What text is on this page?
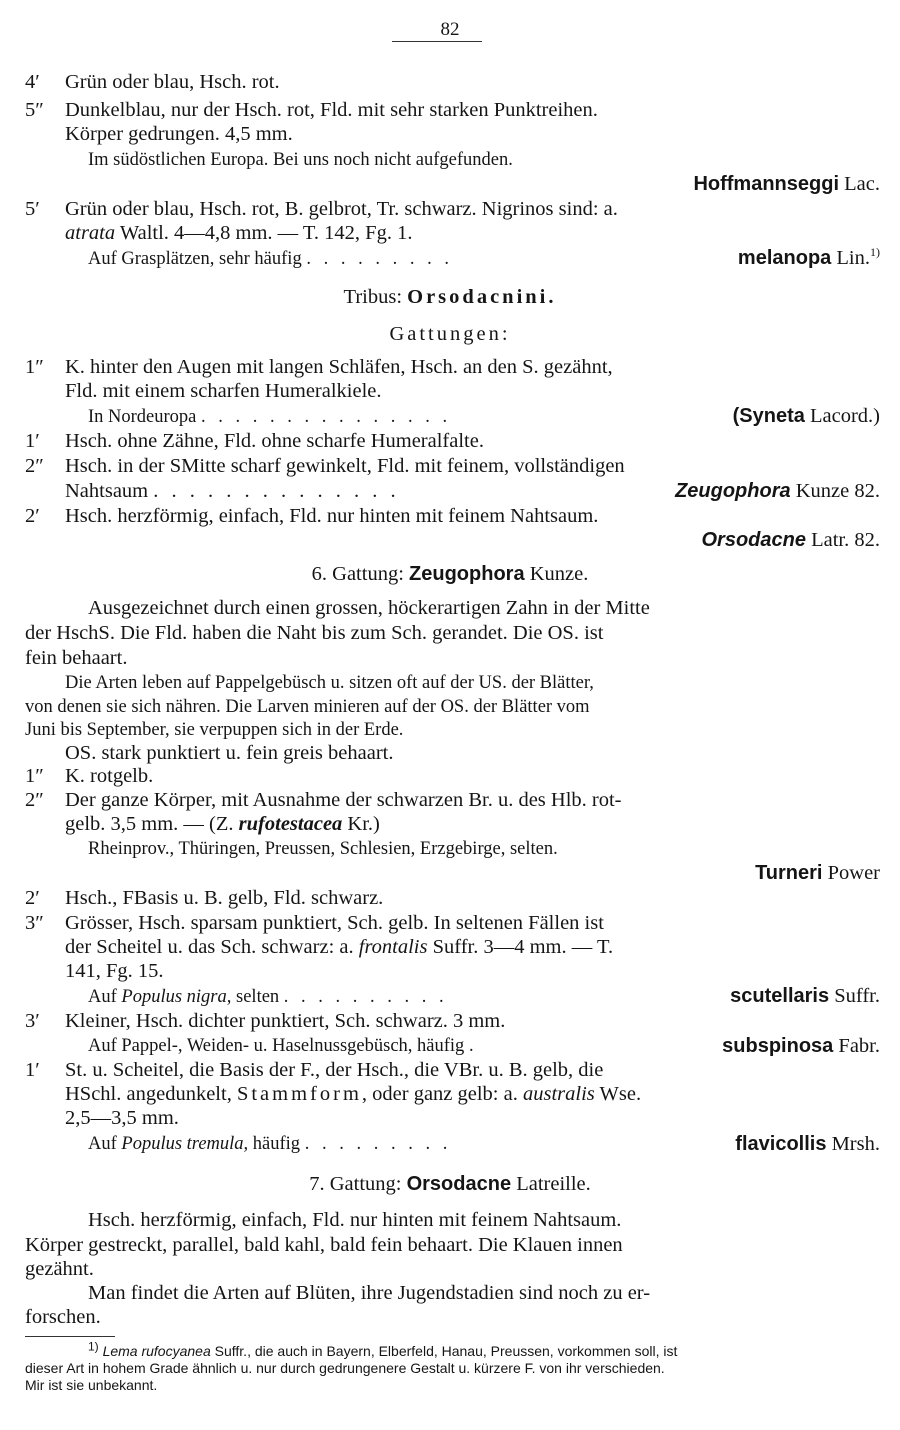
82
4′ Grün oder blau, Hsch. rot.
5″ Dunkelblau, nur der Hsch. rot, Fld. mit sehr starken Punktreihen.
Körper gedrungen. 4,5 mm.
Im südöstlichen Europa. Bei uns noch nicht aufgefunden.
Hoffmannseggi Lac.
5′ Grün oder blau, Hsch. rot, B. gelbrot, Tr. schwarz. Nigrinos sind: a.
atrata Waltl. 4—4,8 mm. — T. 142, Fg. 1.
Auf Grasplätzen, sehr häufig . . . . . . . . .	melanopa Lin.$^{1)}$
Tribus: Orsodacnini.
Gattungen:
1″ K. hinter den Augen mit langen Schläfen, Hsch. an den S. gezähnt,
Fld. mit einem scharfen Humeralkiele.
In Nordeuropa . . . . . . . . . . . . . . .	(Syneta Lacord.)
1′ Hsch. ohne Zähne, Fld. ohne scharfe Humeralfalte.
2″ Hsch. in der SMitte scharf gewinkelt, Fld. mit feinem, vollständigen
Nahtsaum . . . . . . . . . . . . . .	Zeugophora Kunze 82.
2′ Hsch. herzförmig, einfach, Fld. nur hinten mit feinem Nahtsaum.
Orsodacne Latr. 82.
6. Gattung: Zeugophora Kunze.
Ausgezeichnet durch einen grossen, höckerartigen Zahn in der Mitte
der HschS. Die Fld. haben die Naht bis zum Sch. gerandet. Die OS. ist
fein behaart.
Die Arten leben auf Pappelgebüsch u. sitzen oft auf der US. der Blätter,
von denen sie sich nähren. Die Larven minieren auf der OS. der Blätter vom
Juni bis September, sie verpuppen sich in der Erde.
OS. stark punktiert u. fein greis behaart.
1″ K. rotgelb.
2″ Der ganze Körper, mit Ausnahme der schwarzen Br. u. des Hlb. rot-
gelb. 3,5 mm. — (Z. rufotestacea Kr.)
Rheinprov., Thüringen, Preussen, Schlesien, Erzgebirge, selten.
Turneri Power
2′ Hsch., FBasis u. B. gelb, Fld. schwarz.
3″ Grösser, Hsch. sparsam punktiert, Sch. gelb. In seltenen Fällen ist
der Scheitel u. das Sch. schwarz: a. frontalis Suffr. 3—4 mm. — T.
141, Fg. 15.
Auf Populus nigra, selten . . . . . . . . . .	scutellaris Suffr.
3′ Kleiner, Hsch. dichter punktiert, Sch. schwarz. 3 mm.
Auf Pappel-, Weiden- u. Haselnussgebüsch, häufig .	subspinosa Fabr.
1′ St. u. Scheitel, die Basis der F., der Hsch., die VBr. u. B. gelb, die
HSchl. angedunkelt, Stammform, oder ganz gelb: a. australis Wse.
2,5—3,5 mm.
Auf Populus tremula, häufig . . . . . . . . .	flavicollis Mrsh.
7. Gattung: Orsodacne Latreille.
Hsch. herzförmig, einfach, Fld. nur hinten mit feinem Nahtsaum.
Körper gestreckt, parallel, bald kahl, bald fein behaart. Die Klauen innen
gezähnt.
Man findet die Arten auf Blüten, ihre Jugendstadien sind noch zu er-
forschen.
1) Lema rufocyanea Suffr., die auch in Bayern, Elberfeld, Hanau, Preussen, vorkommen soll, ist
dieser Art in hohem Grade ähnlich u. nur durch gedrungenere Gestalt u. kürzere F. von ihr verschieden.
Mir ist sie unbekannt.
